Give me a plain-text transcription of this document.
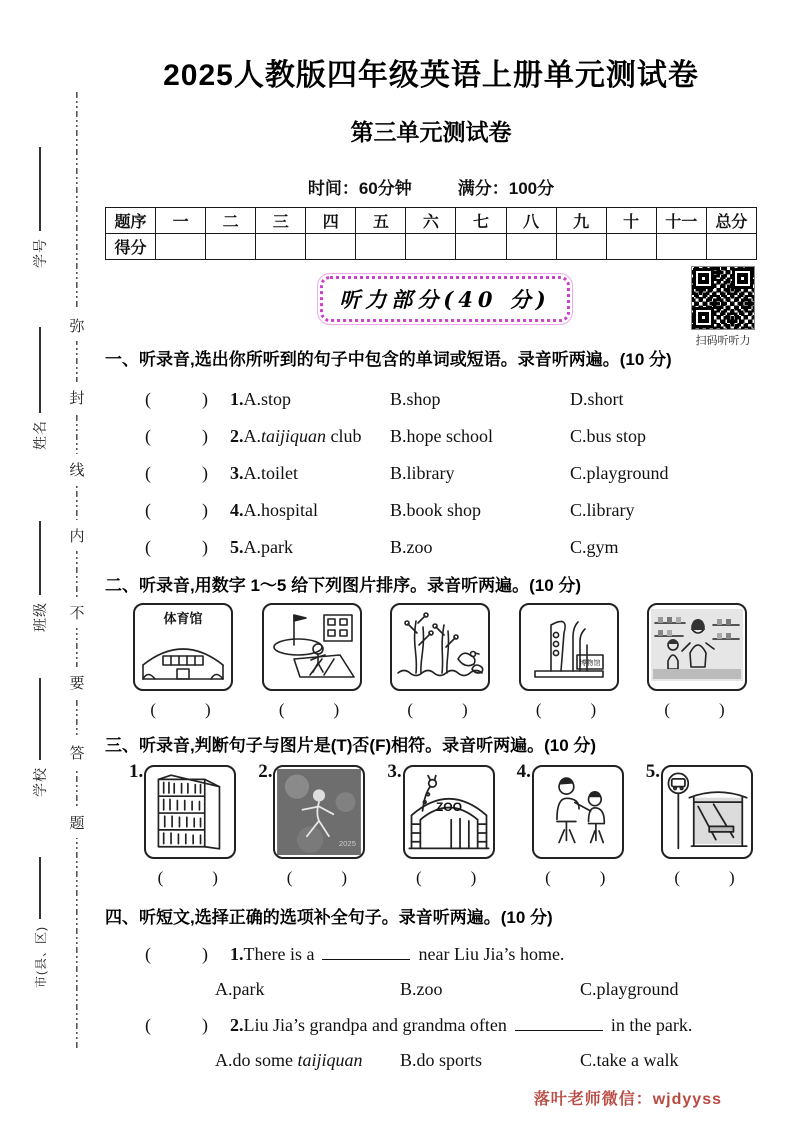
弥
封
线
内
不
要
答
题
学号
姓名
班级
学校
市(县、区)
2025人教版四年级英语上册单元测试卷
第三单元测试卷
时间：60分钟	满分：100分
题序	一	二	三	四	五	六	七	八	九	十	十一	总分
得分												
听力部分(40 分)
扫码听听力
一、听录音,选出你所听到的句子中包含的单词或短语。录音听两遍。(10 分)
(　　) 1.A.stop	B.shop	D.short
(　　) 2.A.taijiquan club	B.hope school	C.bus stop
(　　) 3.A.toilet	B.library	C.playground
(　　) 4.A.hospital	B.book shop	C.library
(　　) 5.A.park	B.zoo	C.gym
二、听录音,用数字 1～5 给下列图片排序。录音听两遍。(10 分)
体育馆
(　　)	(　　)	(　　)
博物馆
(　　)	(　　)
三、听录音,判断句子与图片是(T)否(F)相符。录音听两遍。(10 分)
1.
(　　)
2.
2025
(　　)
3.
ZOO
(　　)
4.
(　　)
5.
(　　)
四、听短文,选择正确的选项补全句子。录音听两遍。(10 分)
(　　) 1.There is a	near Liu Jia’s home.
A.park	B.zoo	C.playground
(　　) 2.Liu Jia’s grandpa and grandma often	in the park.
A.do some taijiquan	B.do sports	C.take a walk
落叶老师微信：wjdyyss
